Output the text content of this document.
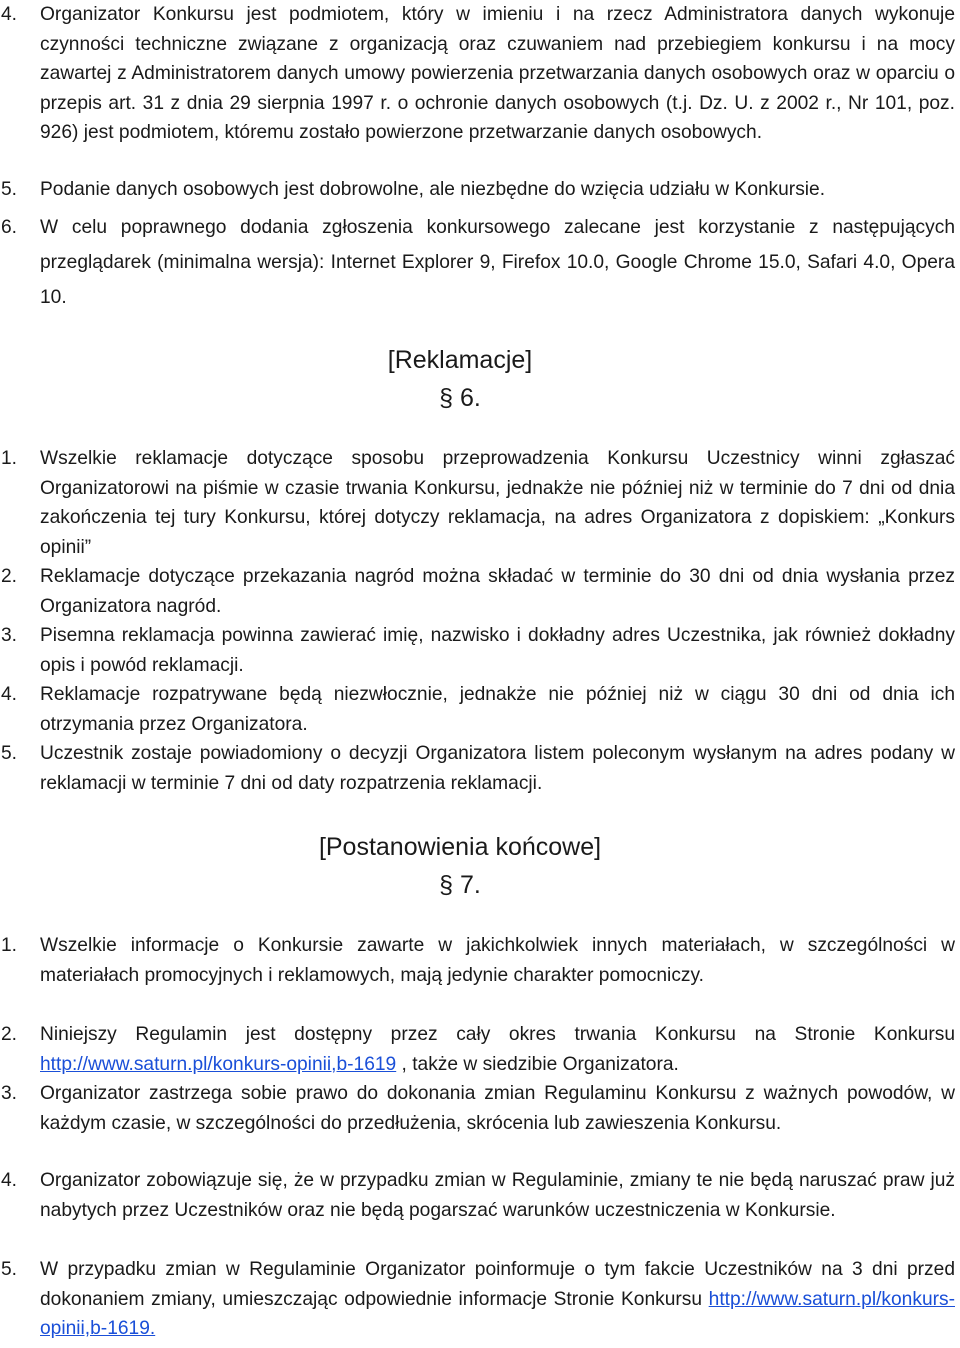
4.	Organizator Konkursu jest podmiotem, który w imieniu i na rzecz Administratora danych wykonuje czynności techniczne związane z organizacją oraz czuwaniem nad przebiegiem konkursu i na mocy zawartej z Administratorem danych umowy powierzenia przetwarzania danych osobowych oraz w oparciu o przepis art. 31 z dnia 29 sierpnia 1997 r. o ochronie danych osobowych (t.j. Dz. U. z 2002 r., Nr 101, poz. 926) jest podmiotem, któremu zostało powierzone przetwarzanie danych osobowych.
5.	Podanie danych osobowych jest dobrowolne, ale niezbędne do wzięcia udziału w Konkursie.
6.	W celu poprawnego dodania zgłoszenia konkursowego zalecane jest korzystanie z następujących przeglądarek (minimalna wersja): Internet Explorer 9, Firefox 10.0, Google Chrome 15.0, Safari 4.0, Opera 10.
[Reklamacje]
§ 6.
1.	Wszelkie reklamacje dotyczące sposobu przeprowadzenia Konkursu Uczestnicy winni zgłaszać Organizatorowi na piśmie w czasie trwania Konkursu, jednakże nie później niż w terminie do 7 dni od dnia zakończenia tej tury Konkursu, której dotyczy reklamacja, na adres Organizatora z dopiskiem: „Konkurs opinii”
2.	Reklamacje dotyczące przekazania nagród można składać w terminie do 30 dni od dnia wysłania przez Organizatora nagród.
3.	Pisemna reklamacja powinna zawierać imię, nazwisko i dokładny adres Uczestnika, jak również dokładny opis i powód reklamacji.
4.	Reklamacje rozpatrywane będą niezwłocznie, jednakże nie później niż w ciągu 30 dni od dnia ich otrzymania przez Organizatora.
5.	Uczestnik zostaje powiadomiony o decyzji Organizatora listem poleconym wysłanym na adres podany w reklamacji w terminie 7 dni od daty rozpatrzenia reklamacji.
[Postanowienia końcowe]
§ 7.
1.	Wszelkie informacje o Konkursie zawarte w jakichkolwiek innych materiałach, w szczególności w materiałach promocyjnych i reklamowych, mają jedynie charakter pomocniczy.
2.	Niniejszy Regulamin jest dostępny przez cały okres trwania Konkursu na Stronie Konkursu http://www.saturn.pl/konkurs-opinii,b-1619 , także w siedzibie Organizatora.
3.	Organizator zastrzega sobie prawo do dokonania zmian Regulaminu Konkursu z ważnych powodów, w każdym czasie, w szczególności do przedłużenia, skrócenia lub zawieszenia Konkursu.
4.	Organizator zobowiązuje się, że w przypadku zmian w Regulaminie, zmiany te nie będą naruszać praw już nabytych przez Uczestników oraz nie będą pogarszać warunków uczestniczenia w Konkursie.
5.	W przypadku zmian w Regulaminie Organizator poinformuje o tym fakcie Uczestników na 3 dni przed dokonaniem zmiany, umieszczając odpowiednie informacje Stronie Konkursu http://www.saturn.pl/konkurs-opinii,b-1619.
